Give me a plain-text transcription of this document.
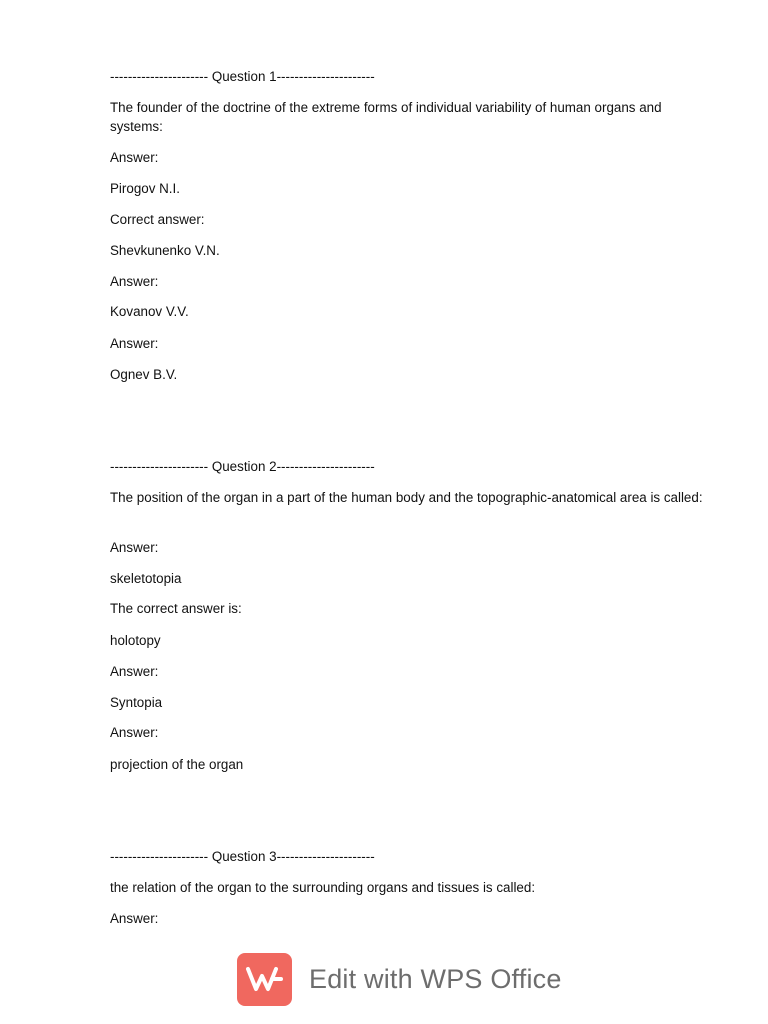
---------------------- Question 1----------------------
The founder of the doctrine of the extreme forms of individual variability of human organs and systems:
Answer:
Pirogov N.I.
Correct answer:
Shevkunenko V.N.
Answer:
Kovanov V.V.
Answer:
Ognev B.V.
---------------------- Question 2----------------------
The position of the organ in a part of the human body and the topographic-anatomical area is called:
Answer:
skeletotopia
The correct answer is:
holotopy
Answer:
Syntopia
Answer:
projection of the organ
---------------------- Question 3----------------------
the relation of the organ to the surrounding organs and tissues is called:
Answer:
Edit with WPS Office
